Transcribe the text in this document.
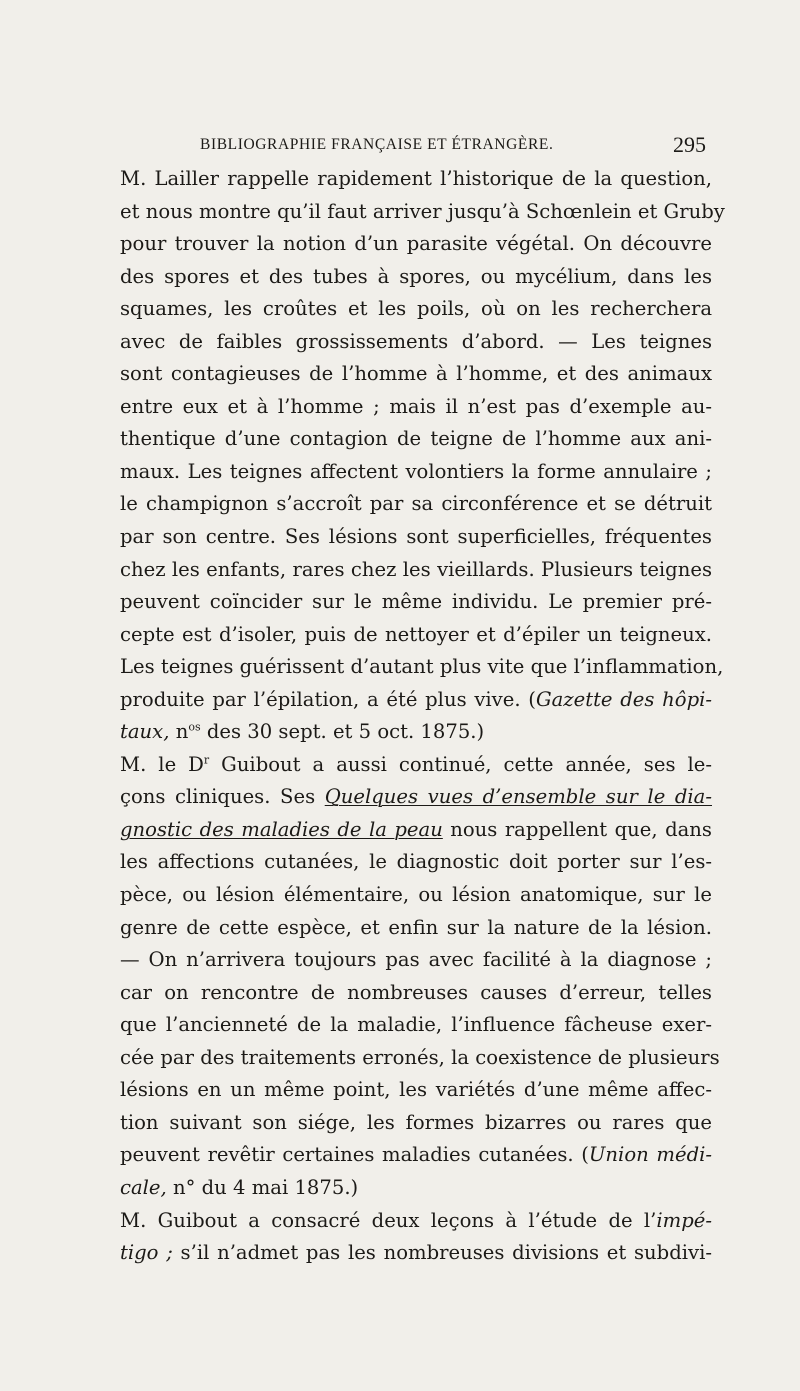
BIBLIOGRAPHIE FRANÇAISE ET ÉTRANGÈRE.	295
M. Lailler rappelle rapidement l’historique de la question,
et nous montre qu’il faut arriver jusqu’à Schœnlein et Gruby
pour trouver la notion d’un parasite végétal. On découvre
des spores et des tubes à spores, ou mycélium, dans les
squames, les croûtes et les poils, où on les recherchera
avec de faibles grossissements d’abord. — Les teignes
sont contagieuses de l’homme à l’homme, et des animaux
entre eux et à l’homme ; mais il n’est pas d’exemple au-
thentique d’une contagion de teigne de l’homme aux ani-
maux. Les teignes affectent volontiers la forme annulaire ;
le champignon s’accroît par sa circonférence et se détruit
par son centre. Ses lésions sont superficielles, fréquentes
chez les enfants, rares chez les vieillards. Plusieurs teignes
peuvent coïncider sur le même individu. Le premier pré-
cepte est d’isoler, puis de nettoyer et d’épiler un teigneux.
Les teignes guérissent d’autant plus vite que l’inflammation,
produite par l’épilation, a été plus vive. (Gazette des hôpi-
taux, $n^{os}$ des 30 sept. et 5 oct. 1875.)
M. le $D^r$ Guibout a aussi continué, cette année, ses le-
çons cliniques. Ses Quelques vues d’ensemble sur le dia-
gnostic des maladies de la peau nous rappellent que, dans
les affections cutanées, le diagnostic doit porter sur l’es-
pèce, ou lésion élémentaire, ou lésion anatomique, sur le
genre de cette espèce, et enfin sur la nature de la lésion.
— On n’arrivera toujours pas avec facilité à la diagnose ;
car on rencontre de nombreuses causes d’erreur, telles
que l’ancienneté de la maladie, l’influence fâcheuse exer-
cée par des traitements erronés, la coexistence de plusieurs
lésions en un même point, les variétés d’une même affec-
tion suivant son siége, les formes bizarres ou rares que
peuvent revêtir certaines maladies cutanées. (Union médi-
cale, n° du 4 mai 1875.)
M. Guibout a consacré deux leçons à l’étude de l’impé-
tigo ; s’il n’admet pas les nombreuses divisions et subdivi-
